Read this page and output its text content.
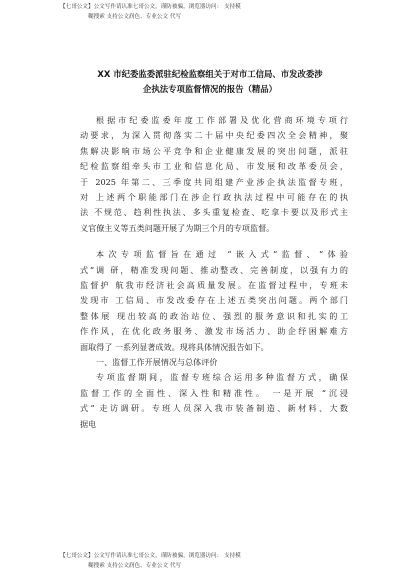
【七哥公文】公文写作请认准七哥公文，谨防被骗，浏览器访问： 支持模
糊搜索 支持公文润色、专业公文 代写
XX 市纪委监委派驻纪检监察组关于对市工信局、市发改委涉
企执法专项监督情况的报告（精品）
根据市纪委监委年度工作部署及优化营商环境专项行
动要求，为深入贯彻落实二十届中央纪委四次全会精神，聚
焦解决影响市场公平竞争和企业健康发展的突出问题，派驻
纪检监察组牵头市工业和信息化局、市发展和改革委员会，
于 2025 年第二、三季度共同组建产业涉企执法监督专班，
对 上述两个职能部门在涉企行政执法过程中可能存在的执
法 不规范、趋利性执法、多头重复检查、吃拿卡要以及形式主
义官僚主义等五类问题开展了为期三个月的专项监督。
本次专项监督旨在通过 “嵌入式”监督、“体验
式”调 研，精准发现问题、推动整改、完善制度，以强有力的
监督护 航我市经济社会高质量发展。在监督过程中，专班未
发现市 工信局、市发改委存在上述五类突出问题。两个部门
整体展 现出较高的政治站位、强烈的服务意识和扎实的工
作作风，在优化政务服务、激发市场活力、助企纾困解难方
面取得了 一系列显著成效。现将具体情况报告如下。
一、监督工作开展情况与总体评价
专项监督期间，监督专班综合运用多种监督方式，确保
监督工作的全面性、深入性和精准性。 一是开展 “沉浸
式” 走访调研。专班人员深入我市装备制造、新材料、大数
据电
【七哥公文】公文写作请认准七哥公文，谨防被骗，浏览器访问： 支持模
糊搜索 支持公文润色、专业公文 代写
